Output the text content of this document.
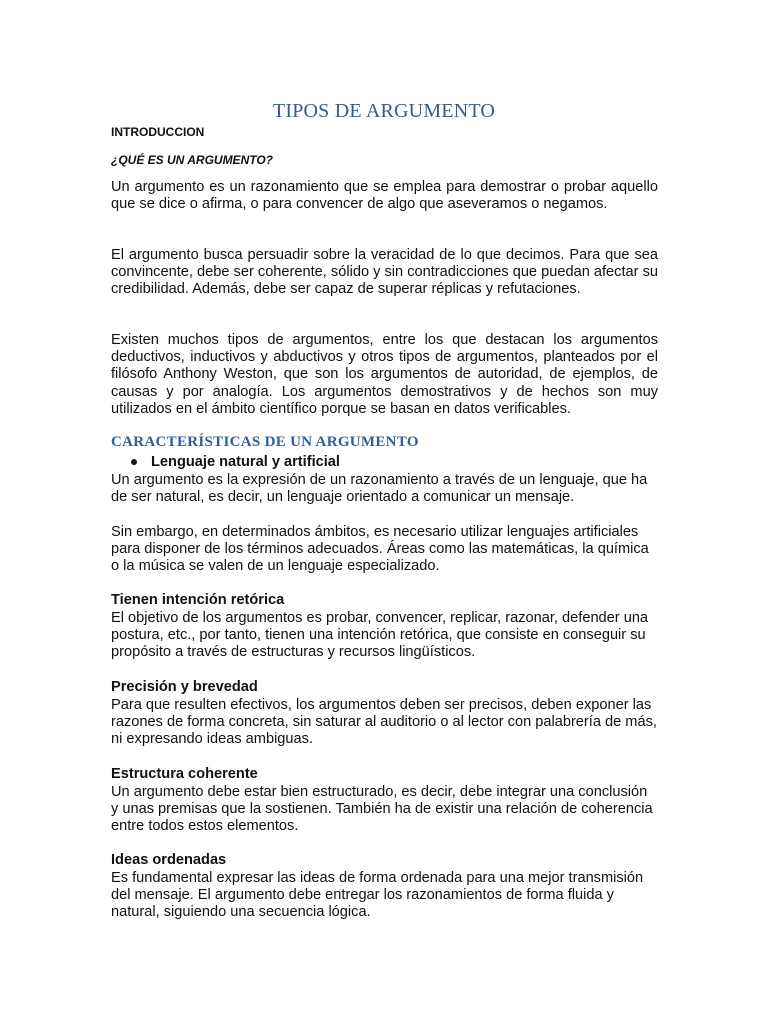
TIPOS DE ARGUMENTO
INTRODUCCION
¿QUÉ ES UN ARGUMENTO?

Un argumento es un razonamiento que se emplea para demostrar o probar aquello que se dice o afirma, o para convencer de algo que aseveramos o negamos.

El argumento busca persuadir sobre la veracidad de lo que decimos. Para que sea convincente, debe ser coherente, sólido y sin contradicciones que puedan afectar su credibilidad. Además, debe ser capaz de superar réplicas y refutaciones.

Existen muchos tipos de argumentos, entre los que destacan los argumentos deductivos, inductivos y abductivos y otros tipos de argumentos, planteados por el filósofo Anthony Weston, que son los argumentos de autoridad, de ejemplos, de causas y por analogía. Los argumentos demostrativos y de hechos son muy utilizados en el ámbito científico porque se basan en datos verificables.

CARACTERÍSTICAS DE UN ARGUMENTO
Lenguaje natural y artificial

Un argumento es la expresión de un razonamiento a través de un lenguaje, que ha de ser natural, es decir, un lenguaje orientado a comunicar un mensaje.

Sin embargo, en determinados ámbitos, es necesario utilizar lenguajes artificiales para disponer de los términos adecuados. Áreas como las matemáticas, la química o la música se valen de un lenguaje especializado.

Tienen intención retórica

El objetivo de los argumentos es probar, convencer, replicar, razonar, defender una postura, etc., por tanto, tienen una intención retórica, que consiste en conseguir su propósito a través de estructuras y recursos lingüísticos.

Precisión y brevedad

Para que resulten efectivos, los argumentos deben ser precisos, deben exponer las razones de forma concreta, sin saturar al auditorio o al lector con palabrería de más, ni expresando ideas ambiguas.

Estructura coherente

Un argumento debe estar bien estructurado, es decir, debe integrar una conclusión y unas premisas que la sostienen. También ha de existir una relación de coherencia entre todos estos elementos.

Ideas ordenadas

Es fundamental expresar las ideas de forma ordenada para una mejor transmisión del mensaje. El argumento debe entregar los razonamientos de forma fluida y natural, siguiendo una secuencia lógica.
